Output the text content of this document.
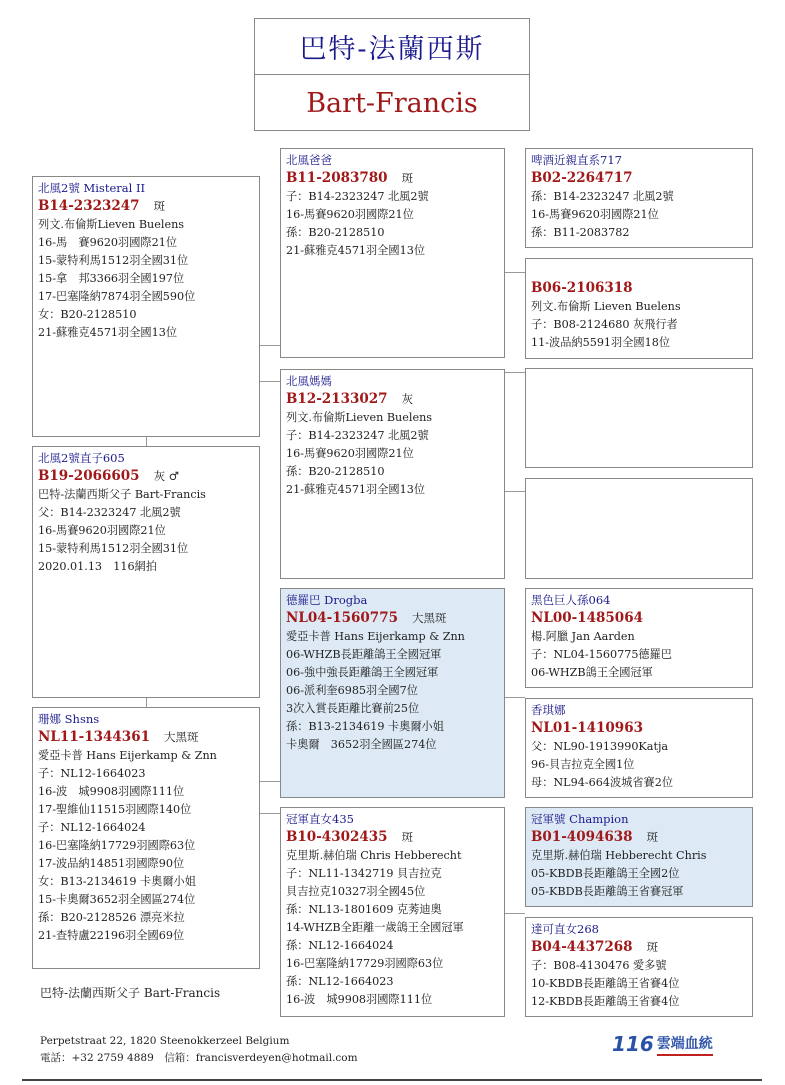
巴特-法蘭西斯
Bart-Francis
北風2號 Misteral II
B14-2323247 斑
列文.布倫斯Lieven Buelens
16-馬　賽9620羽國際21位
15-蒙特利馬1512羽全國31位
15-拿　邦3366羽全國197位
17-巴塞隆納7874羽全國590位
女：B20-2128510
21-蘇雅克4571羽全國13位
北風2號直子605
B19-2066605 灰 ♂
巴特-法蘭西斯父子 Bart-Francis
父：B14-2323247 北風2號
16-馬賽9620羽國際21位
15-蒙特利馬1512羽全國31位
2020.01.13　116網拍
珊娜 Shsns
NL11-1344361 大黑斑
愛亞卡普 Hans Eijerkamp & Znn
子：NL12-1664023
16-波　城9908羽國際111位
17-聖維仙11515羽國際140位
子：NL12-1664024
16-巴塞隆納17729羽國際63位
17-波品納14851羽國際90位
女：B13-2134619 卡奧爾小姐
15-卡奧爾3652羽全國區274位
孫：B20-2128526 漂亮米拉
21-查特盧22196羽全國69位
北風爸爸
B11-2083780 斑
子：B14-2323247 北風2號
16-馬賽9620羽國際21位
孫：B20-2128510
21-蘇雅克4571羽全國13位
北風媽媽
B12-2133027 灰
列文.布倫斯Lieven Buelens
子：B14-2323247 北風2號
16-馬賽9620羽國際21位
孫：B20-2128510
21-蘇雅克4571羽全國13位
德羅巴 Drogba
NL04-1560775 大黑斑
愛亞卡普 Hans Eijerkamp & Znn
06-WHZB長距離鴿王全國冠軍
06-強中強長距離鴿王全國冠軍
06-派利奎6985羽全國7位
3次入賞長距離比賽前25位
孫：B13-2134619 卡奧爾小姐
卡奧爾　3652羽全國區274位
冠軍直女435
B10-4302435 斑
克里斯.赫伯瑞 Chris Hebberecht
子：NL11-1342719 貝吉拉克
貝吉拉克10327羽全國45位
孫：NL13-1801609 克莠迪奧
14-WHZB全距離一歲鴿王全國冠軍
孫：NL12-1664024
16-巴塞隆納17729羽國際63位
孫：NL12-1664023
16-波　城9908羽國際111位
啤酒近親直系717
B02-2264717
孫：B14-2323247 北風2號
16-馬賽9620羽國際21位
孫：B11-2083782
B06-2106318
列文.布倫斯 Lieven Buelens
子：B08-2124680 灰飛行者
11-波品納5591羽全國18位
黑色巨人孫064
NL00-1485064
楊.阿臘 Jan Aarden
子：NL04-1560775德羅巴
06-WHZB鴿王全國冠軍
香琪娜
NL01-1410963
父：NL90-1913990Katja
96-貝吉拉克全國1位
母：NL94-664波城省賽2位
冠軍號 Champion
B01-4094638 斑
克里斯.赫伯瑞 Hebberecht Chris
05-KBDB長距離鴿王全國2位
05-KBDB長距離鴿王省賽冠軍
達可直女268
B04-4437268 斑
子：B08-4130476 愛多號
10-KBDB長距離鴿王省賽4位
12-KBDB長距離鴿王省賽4位
巴特-法蘭西斯父子 Bart-Francis
Perpetstraat 22, 1820 Steenokkerzeel Belgium
電話：+32 2759 4889　信箱：francisverdeyen@hotmail.com
116 雲端血統
